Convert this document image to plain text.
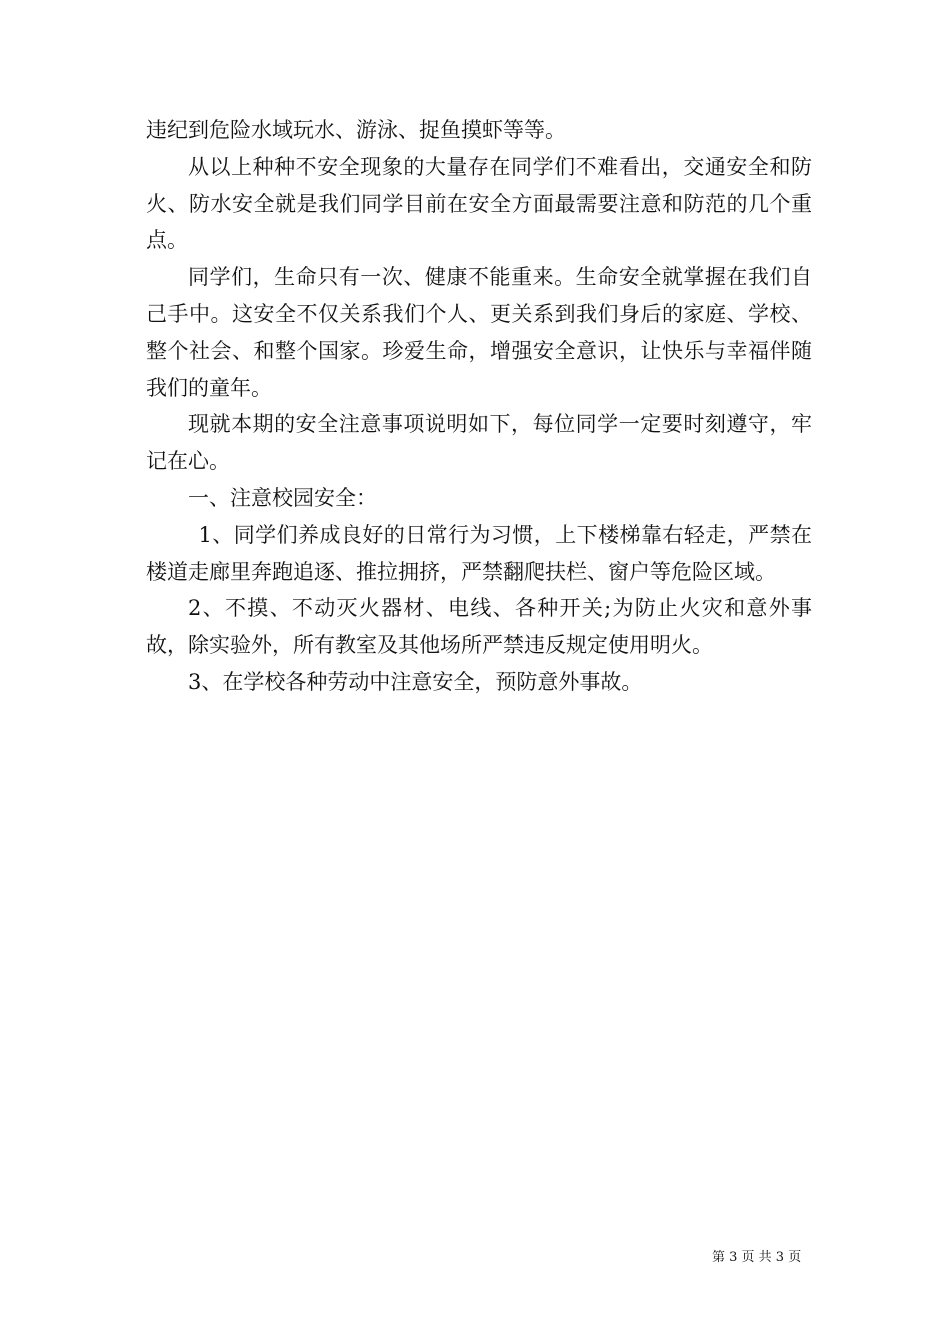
违纪到危险水域玩水、游泳、捉鱼摸虾等等。

从以上种种不安全现象的大量存在同学们不难看出，交通安全和防火、防水安全就是我们同学目前在安全方面最需要注意和防范的几个重点。

同学们，生命只有一次、健康不能重来。生命安全就掌握在我们自己手中。这安全不仅关系我们个人、更关系到我们身后的家庭、学校、整个社会、和整个国家。珍爱生命，增强安全意识，让快乐与幸福伴随我们的童年。

现就本期的安全注意事项说明如下，每位同学一定要时刻遵守，牢记在心。

一、注意校园安全：

1、同学们养成良好的日常行为习惯，上下楼梯靠右轻走，严禁在楼道走廊里奔跑追逐、推拉拥挤，严禁翻爬扶栏、窗户等危险区域。

2、不摸、不动灭火器材、电线、各种开关;为防止火灾和意外事故，除实验外，所有教室及其他场所严禁违反规定使用明火。

3、在学校各种劳动中注意安全，预防意外事故。

第 3 页 共 3 页
